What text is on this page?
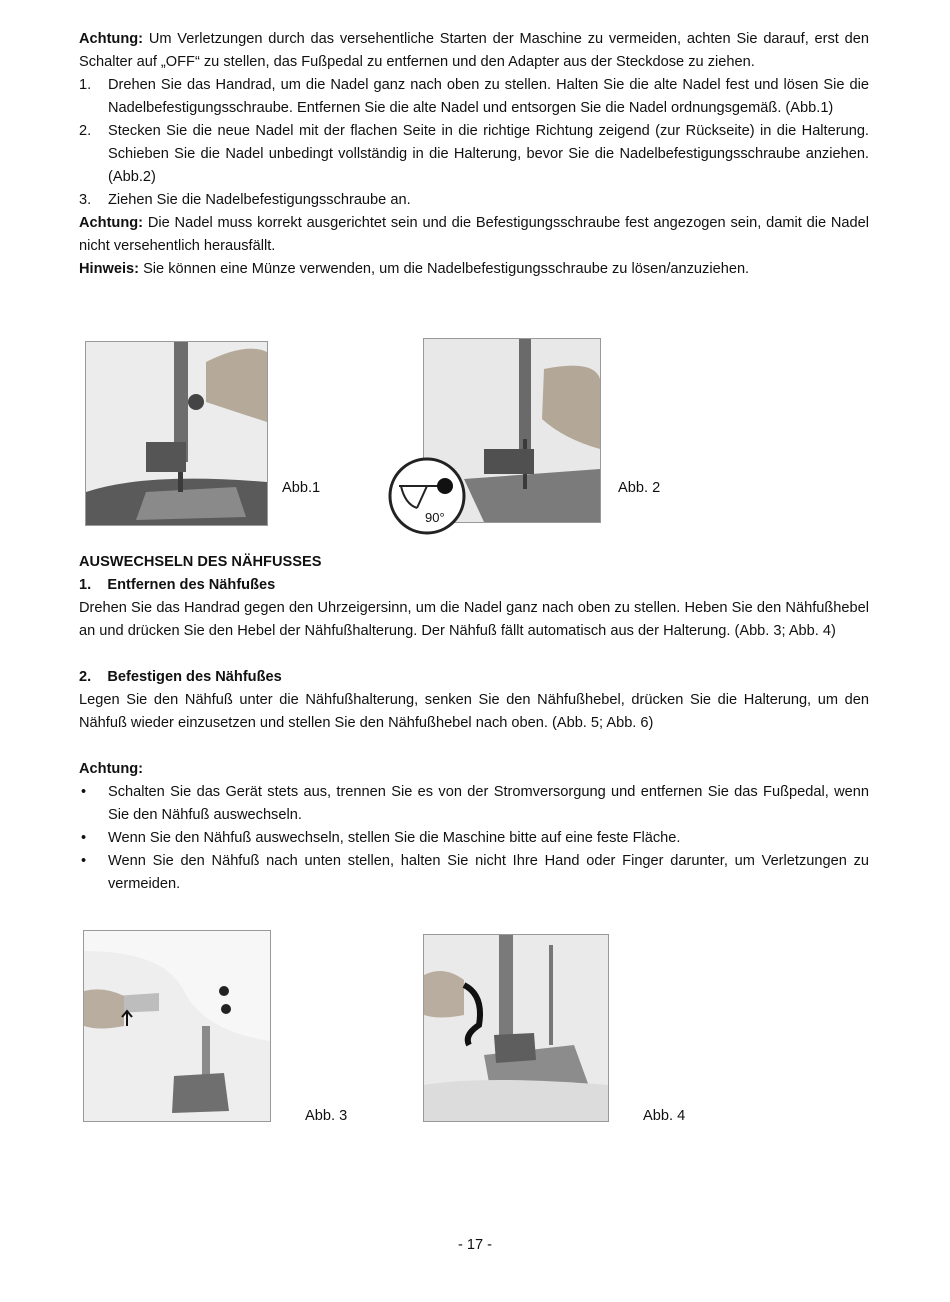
Achtung: Um Verletzungen durch das versehentliche Starten der Maschine zu vermeiden, achten Sie darauf, erst den Schalter auf „OFF“ zu stellen, das Fußpedal zu entfernen und den Adapter aus der Steckdose zu ziehen.

1. Drehen Sie das Handrad, um die Nadel ganz nach oben zu stellen. Halten Sie die alte Nadel fest und lösen Sie die Nadelbefestigungsschraube. Entfernen Sie die alte Nadel und entsorgen Sie die Nadel ordnungsgemäß. (Abb.1)
2. Stecken Sie die neue Nadel mit der flachen Seite in die richtige Richtung zeigend (zur Rückseite) in die Halterung. Schieben Sie die Nadel unbedingt vollständig in die Halterung, bevor Sie die Nadelbefestigungsschraube anziehen. (Abb.2)
3. Ziehen Sie die Nadelbefestigungsschraube an.

Achtung: Die Nadel muss korrekt ausgerichtet sein und die Befestigungsschraube fest angezogen sein, damit die Nadel nicht versehentlich herausfällt.

Hinweis: Sie können eine Münze verwenden, um die Nadelbefestigungsschraube zu lösen/anzuziehen.

Abb.1	Abb. 2
90°

AUSWECHSELN DES NÄHFUSSES

1. Entfernen des Nähfußes

Drehen Sie das Handrad gegen den Uhrzeigersinn, um die Nadel ganz nach oben zu stellen. Heben Sie den Nähfußhebel an und drücken Sie den Hebel der Nähfußhalterung. Der Nähfuß fällt automatisch aus der Halterung. (Abb. 3; Abb. 4)

2. Befestigen des Nähfußes

Legen Sie den Nähfuß unter die Nähfußhalterung, senken Sie den Nähfußhebel, drücken Sie die Halterung, um den Nähfuß wieder einzusetzen und stellen Sie den Nähfußhebel nach oben. (Abb. 5; Abb. 6)

Achtung:

• Schalten Sie das Gerät stets aus, trennen Sie es von der Stromversorgung und entfernen Sie das Fußpedal, wenn Sie den Nähfuß auswechseln.
• Wenn Sie den Nähfuß auswechseln, stellen Sie die Maschine bitte auf eine feste Fläche.
• Wenn Sie den Nähfuß nach unten stellen, halten Sie nicht Ihre Hand oder Finger darunter, um Verletzungen zu vermeiden.
Abb. 3	Abb. 4
- 17 -
